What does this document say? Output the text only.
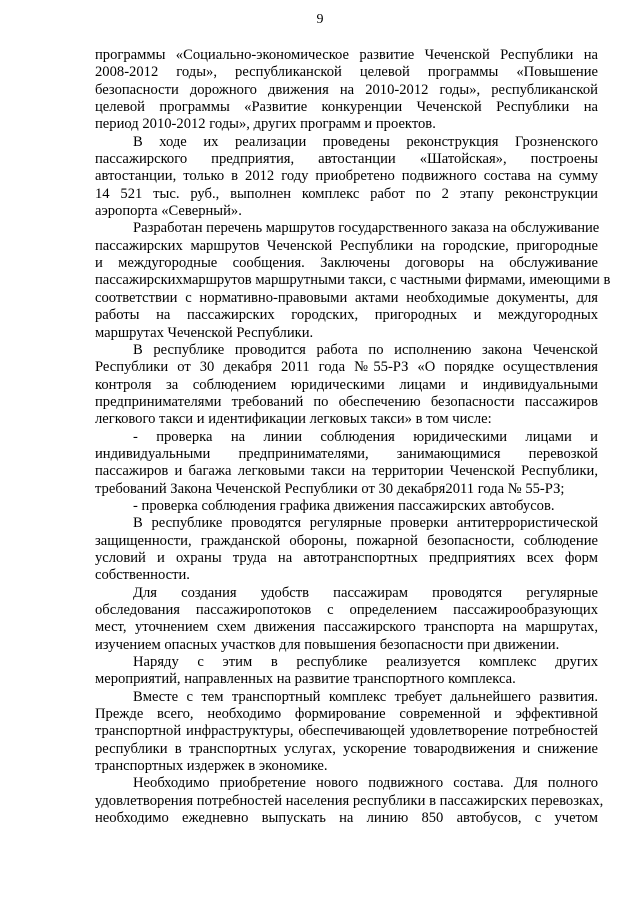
9
программы «Социально-экономическое развитие Чеченской Республики на
2008-2012 годы», республиканской целевой программы «Повышение
безопасности дорожного движения на 2010-2012 годы», республиканской
целевой программы «Развитие конкуренции Чеченской Республики на
период 2010-2012 годы», других программ и проектов.
В ходе их реализации проведены реконструкция Грозненского
пассажирского предприятия, автостанции «Шатойская», построены
автостанции, только в 2012 году приобретено подвижного состава на сумму
14 521 тыс. руб., выполнен комплекс работ по 2 этапу реконструкции
аэропорта «Северный».
Разработан перечень маршрутов государственного заказа на обслуживание
пассажирских маршрутов Чеченской Республики на городские, пригородные
и междугородные сообщения. Заключены договоры на обслуживание
пассажирскихмаршрутов маршрутными такси, с частными фирмами, имеющими в
соответствии с нормативно-правовыми актами необходимые документы, для
работы на пассажирских городских, пригородных и междугородных
маршрутах Чеченской Республики.
В республике проводится работа по исполнению закона Чеченской
Республики от 30 декабря 2011 года №55-РЗ «О порядке осуществления
контроля за соблюдением юридическими лицами и индивидуальными
предпринимателями требований по обеспечению безопасности пассажиров
легкового такси и идентификации легковых такси» в том числе:
- проверка на линии соблюдения юридическими лицами и
индивидуальными предпринимателями, занимающимися перевозкой
пассажиров и багажа легковыми такси на территории Чеченской Республики,
требований Закона Чеченской Республики от 30 декабря2011 года № 55-РЗ;
- проверка соблюдения графика движения пассажирских автобусов.
В республике проводятся регулярные проверки антитеррористической
защищенности, гражданской обороны, пожарной безопасности, соблюдение
условий и охраны труда на автотранспортных предприятиях всех форм
собственности.
Для создания удобств пассажирам проводятся регулярные
обследования пассажиропотоков с определением пассажирообразующих
мест, уточнением схем движения пассажирского транспорта на маршрутах,
изучением опасных участков для повышения безопасности при движении.
Наряду с этим в республике реализуется комплекс других
мероприятий, направленных на развитие транспортного комплекса.
Вместе с тем транспортный комплекс требует дальнейшего развития.
Прежде всего, необходимо формирование современной и эффективной
транспортной инфраструктуры, обеспечивающей удовлетворение потребностей
республики в транспортных услугах, ускорение товародвижения и снижение
транспортных издержек в экономике.
Необходимо приобретение нового подвижного состава. Для полного
удовлетворения потребностей населения республики в пассажирских перевозках,
необходимо ежедневно выпускать на линию 850 автобусов, с учетом
